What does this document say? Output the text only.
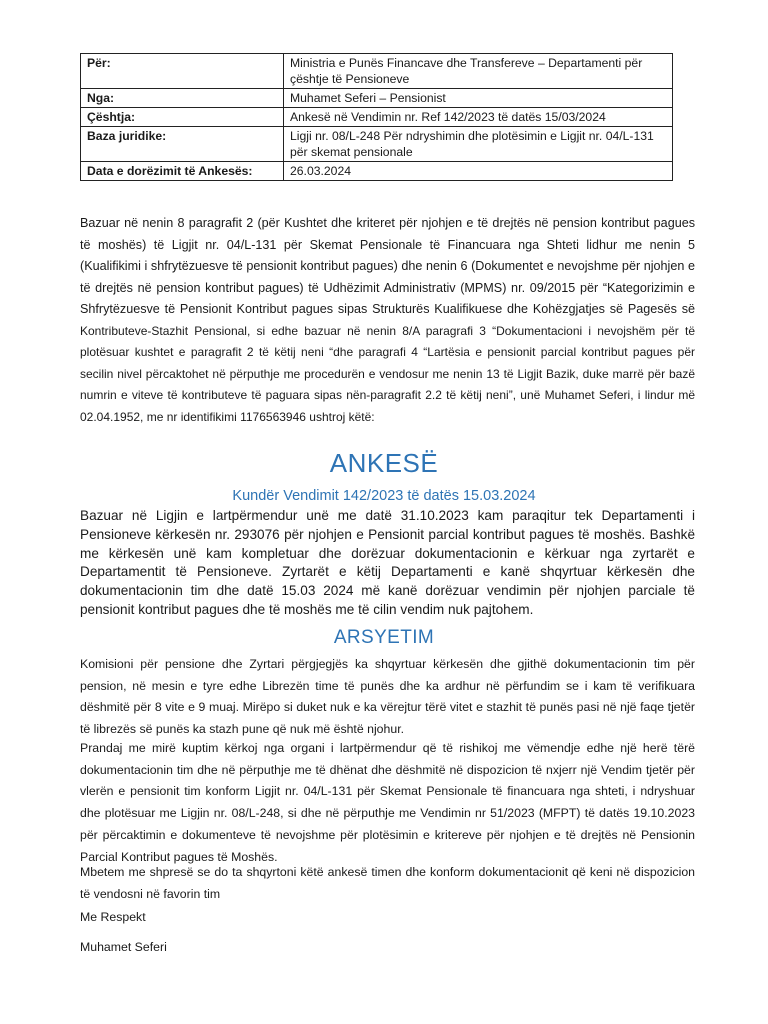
Për:	Ministria e Punës Financave dhe Transfereve – Departamenti për çështje të Pensioneve
Nga:	Muhamet Seferi – Pensionist
Çështja:	Ankesë në Vendimin nr. Ref 142/2023 të datës 15/03/2024
Baza juridike:	Ligji nr. 08/L-248 Për ndryshimin dhe plotësimin e Ligjit nr. 04/L-131 për skemat pensionale
Data e dorëzimit të Ankesës:	26.03.2024

Bazuar në nenin 8 paragrafit 2 (për Kushtet dhe kriteret për njohjen e të drejtës në pension kontribut pagues të moshës) të Ligjit nr. 04/L-131 për Skemat Pensionale të Financuara nga Shteti lidhur me nenin 5 (Kualifikimi i shfrytëzuesve të pensionit kontribut pagues) dhe nenin 6 (Dokumentet e nevojshme për njohjen e të drejtës në pension kontribut pagues) të Udhëzimit Administrativ (MPMS) nr. 09/2015 për “Kategorizimin e Shfrytëzuesve të Pensionit Kontribut pagues sipas Strukturës Kualifikuese dhe Kohëzgjatjes së Pagesës së Kontributeve-Stazhit Pensional, si edhe bazuar në nenin 8/A paragrafi 3 “Dokumentacioni i nevojshëm për të plotësuar kushtet e paragrafit 2 të këtij neni “dhe paragrafi 4 “Lartësia e pensionit parcial kontribut pagues për secilin nivel përcaktohet në përputhje me procedurën e vendosur me nenin 13 të Ligjit Bazik, duke marrë për bazë numrin e viteve të kontributeve të paguara sipas nën-paragrafit 2.2 të këtij neni”, unë Muhamet Seferi, i lindur më 02.04.1952, me nr identifikimi 1176563946 ushtroj këtë:

ANKESË
Kundër Vendimit 142/2023 të datës 15.03.2024

Bazuar në Ligjin e lartpërmendur unë me datë 31.10.2023 kam paraqitur tek Departamenti i Pensioneve kërkesën nr. 293076 për njohjen e Pensionit parcial kontribut pagues të moshës. Bashkë me kërkesën unë kam kompletuar dhe dorëzuar dokumentacionin e kërkuar nga zyrtarët e Departamentit të Pensioneve. Zyrtarët e këtij Departamenti e kanë shqyrtuar kërkesën dhe dokumentacionin tim dhe datë 15.03 2024 më kanë dorëzuar vendimin për njohjen parciale të pensionit kontribut pagues dhe të moshës me të cilin vendim nuk pajtohem.

ARSYETIM

Komisioni për pensione dhe Zyrtari përgjegjës ka shqyrtuar kërkesën dhe gjithë dokumentacionin tim për pension, në mesin e tyre edhe Librezën time të punës dhe ka ardhur në përfundim se i kam të verifikuara dëshmitë për 8 vite e 9 muaj. Mirëpo si duket nuk e ka vërejtur tërë vitet e stazhit të punës pasi në një faqe tjetër të librezës së punës ka stazh pune që nuk më është njohur.

Prandaj me mirë kuptim kërkoj nga organi i lartpërmendur që të rishikoj me vëmendje edhe një herë tërë dokumentacionin tim dhe në përputhje me të dhënat dhe dëshmitë në dispozicion të nxjerr një Vendim tjetër për vlerën e pensionit tim konform Ligjit nr. 04/L-131 për Skemat Pensionale të financuara nga shteti, i ndryshuar dhe plotësuar me Ligjin nr. 08/L-248, si dhe në përputhje me Vendimin nr 51/2023 (MFPT) të datës 19.10.2023 për përcaktimin e dokumenteve të nevojshme për plotësimin e kritereve për njohjen e të drejtës në Pensionin Parcial Kontribut pagues të Moshës.

Mbetem me shpresë se do ta shqyrtoni këtë ankesë timen dhe konform dokumentacionit që keni në dispozicion të vendosni në favorin tim

Me Respekt
Muhamet Seferi
